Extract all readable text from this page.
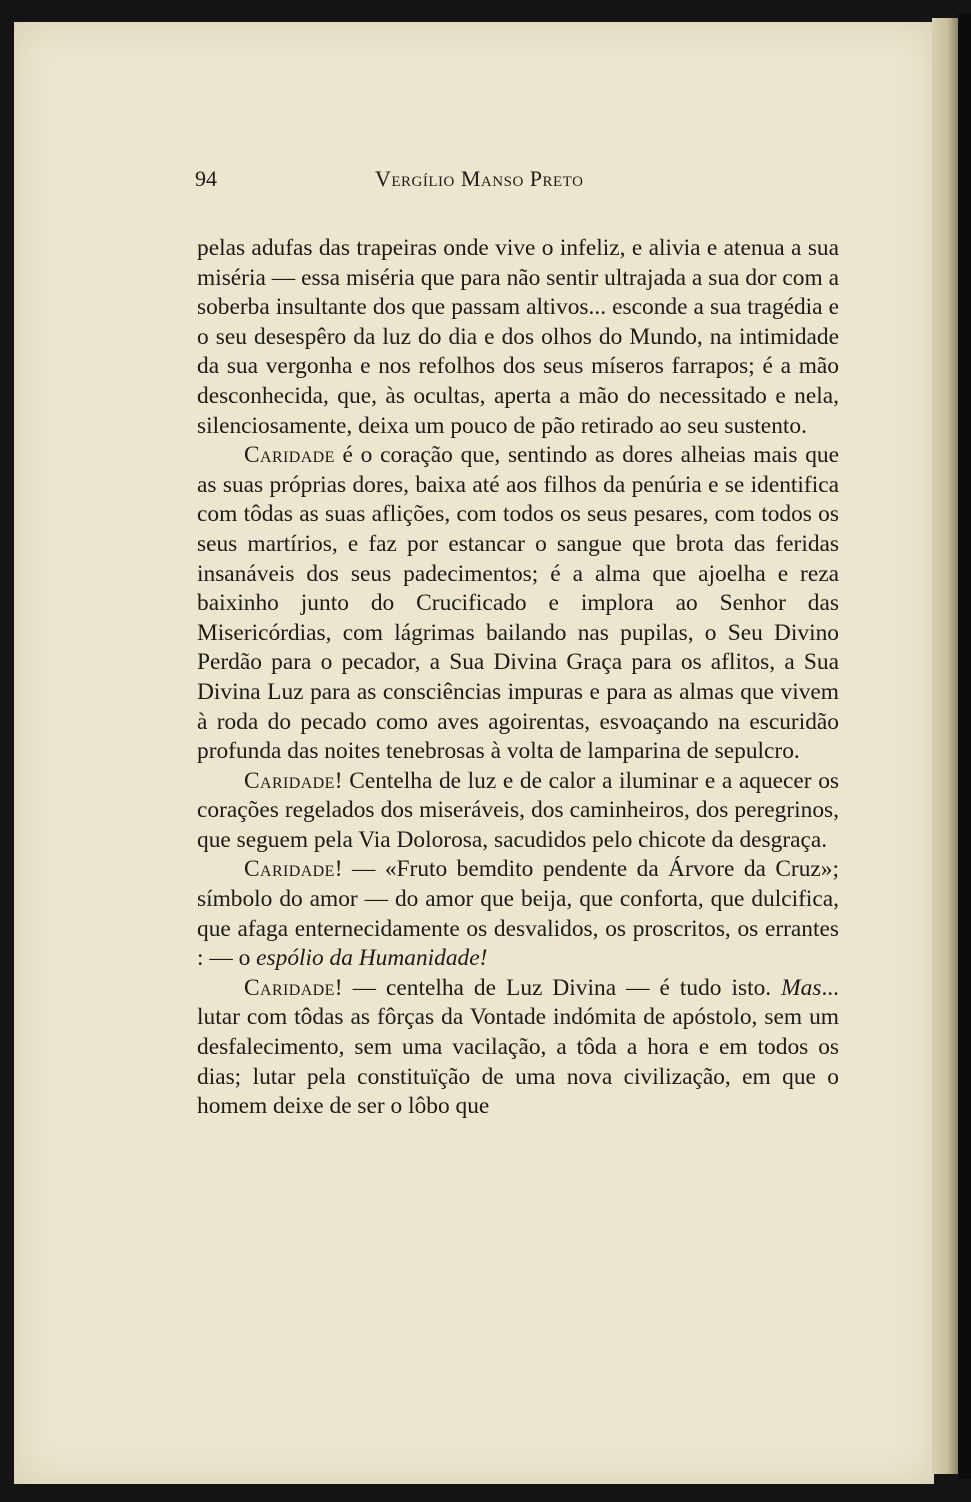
94	Vergílio Manso Preto

pelas adufas das trapeiras onde vive o infeliz, e alivia e atenua a sua miséria — essa miséria que para não sentir ultrajada a sua dor com a soberba insultante dos que passam altivos... esconde a sua tragédia e o seu desespêro da luz do dia e dos olhos do Mundo, na intimidade da sua vergonha e nos refolhos dos seus míseros farrapos; é a mão desconhecida, que, às ocultas, aperta a mão do necessitado e nela, silenciosamente, deixa um pouco de pão retirado ao seu sustento.

Caridade é o coração que, sentindo as dores alheias mais que as suas próprias dores, baixa até aos filhos da penúria e se identifica com tôdas as suas aflições, com todos os seus pesares, com todos os seus martírios, e faz por estancar o sangue que brota das feridas insanáveis dos seus padecimentos; é a alma que ajoelha e reza baixinho junto do Crucificado e implora ao Senhor das Misericórdias, com lágrimas bailando nas pupilas, o Seu Divino Perdão para o pecador, a Sua Divina Graça para os aflitos, a Sua Divina Luz para as consciências impuras e para as almas que vivem à roda do pecado como aves agoirentas, esvoaçando na escuridão profunda das noites tenebrosas à volta de lamparina de sepulcro.

Caridade! Centelha de luz e de calor a iluminar e a aquecer os corações regelados dos miseráveis, dos caminheiros, dos peregrinos, que seguem pela Via Dolorosa, sacudidos pelo chicote da desgraça.

Caridade! — «Fruto bemdito pendente da Árvore da Cruz»; símbolo do amor — do amor que beija, que conforta, que dulcifica, que afaga enternecidamente os desvalidos, os proscritos, os errantes : — o espólio da Humanidade!

Caridade! — centelha de Luz Divina — é tudo isto. Mas... lutar com tôdas as fôrças da Vontade indómita de apóstolo, sem um desfalecimento, sem uma vacilação, a tôda a hora e em todos os dias; lutar pela constituïção de uma nova civilização, em que o homem deixe de ser o lôbo que
